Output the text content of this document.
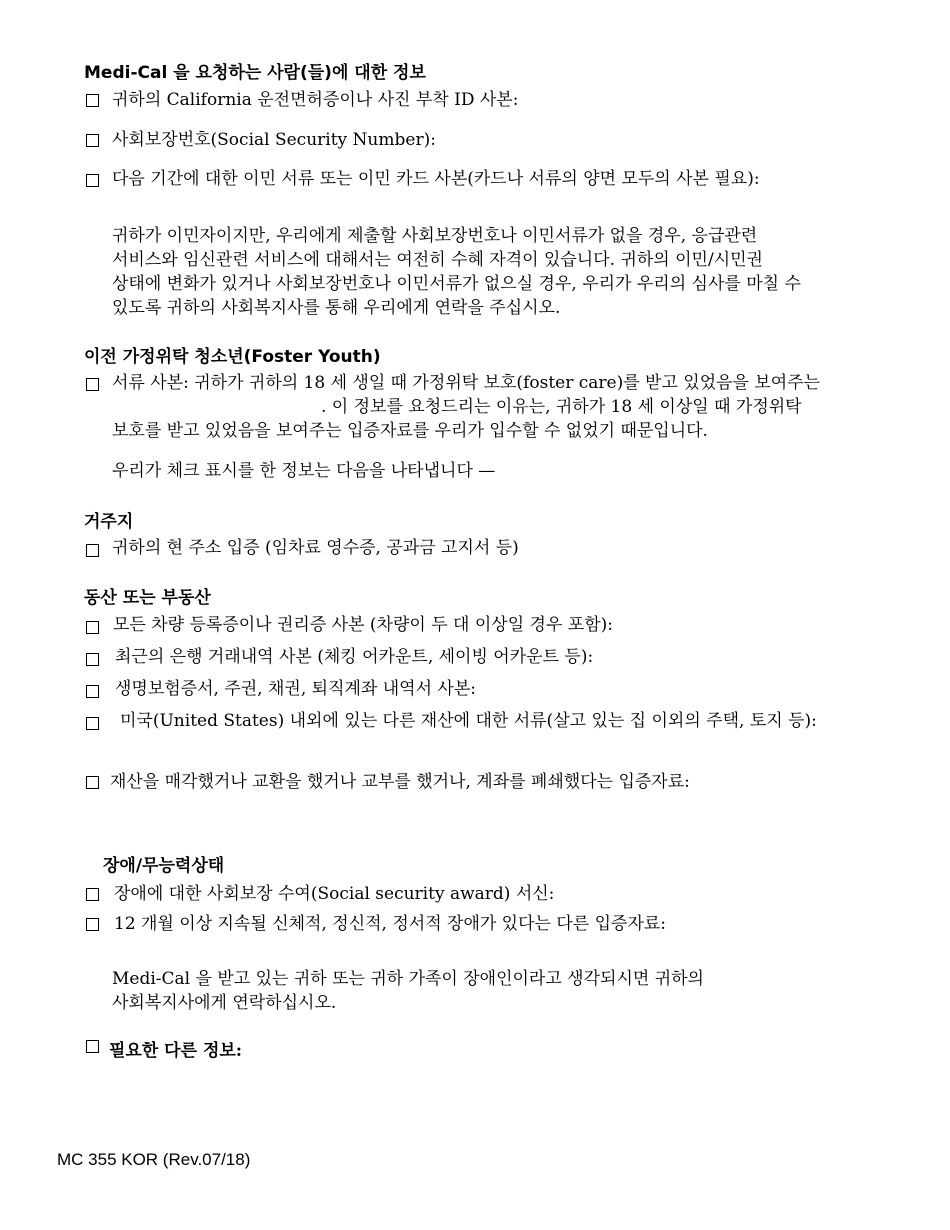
Medi-Cal 을 요청하는 사람(들)에 대한 정보
귀하의 California 운전면허증이나 사진 부착 ID 사본:
사회보장번호(Social Security Number):
다음 기간에 대한 이민 서류 또는 이민 카드 사본(카드나 서류의 양면 모두의 사본 필요):
귀하가 이민자이지만, 우리에게 제출할 사회보장번호나 이민서류가 없을 경우, 응급관련
서비스와 임신관련 서비스에 대해서는 여전히 수혜 자격이 있습니다. 귀하의 이민/시민권
상태에 변화가 있거나 사회보장번호나 이민서류가 없으실 경우, 우리가 우리의 심사를 마칠 수
있도록 귀하의 사회복지사를 통해 우리에게 연락을 주십시오.
이전 가정위탁 청소년(Foster Youth)
서류 사본: 귀하가 귀하의 18 세 생일 때 가정위탁 보호(foster care)를 받고 있었음을 보여주는
. 이 정보를 요청드리는 이유는, 귀하가 18 세 이상일 때 가정위탁
보호를 받고 있었음을 보여주는 입증자료를 우리가 입수할 수 없었기 때문입니다.
우리가 체크 표시를 한 정보는 다음을 나타냅니다 —
거주지
귀하의 현 주소 입증 (임차료 영수증, 공과금 고지서 등)
동산 또는 부동산
모든 차량 등록증이나 권리증 사본 (차량이 두 대 이상일 경우 포함):
최근의 은행 거래내역 사본 (체킹 어카운트, 세이빙 어카운트 등):
생명보험증서, 주권, 채권, 퇴직계좌 내역서 사본:
미국(United States) 내외에 있는 다른 재산에 대한 서류(살고 있는 집 이외의 주택, 토지 등):
재산을 매각했거나 교환을 했거나 교부를 했거나, 계좌를 폐쇄했다는 입증자료:
장애/무능력상태
장애에 대한 사회보장 수여(Social security award) 서신:
12 개월 이상 지속될 신체적, 정신적, 정서적 장애가 있다는 다른 입증자료:
Medi-Cal 을 받고 있는 귀하 또는 귀하 가족이 장애인이라고 생각되시면 귀하의
사회복지사에게 연락하십시오.
필요한 다른 정보:
MC 355 KOR (Rev.07/18)
